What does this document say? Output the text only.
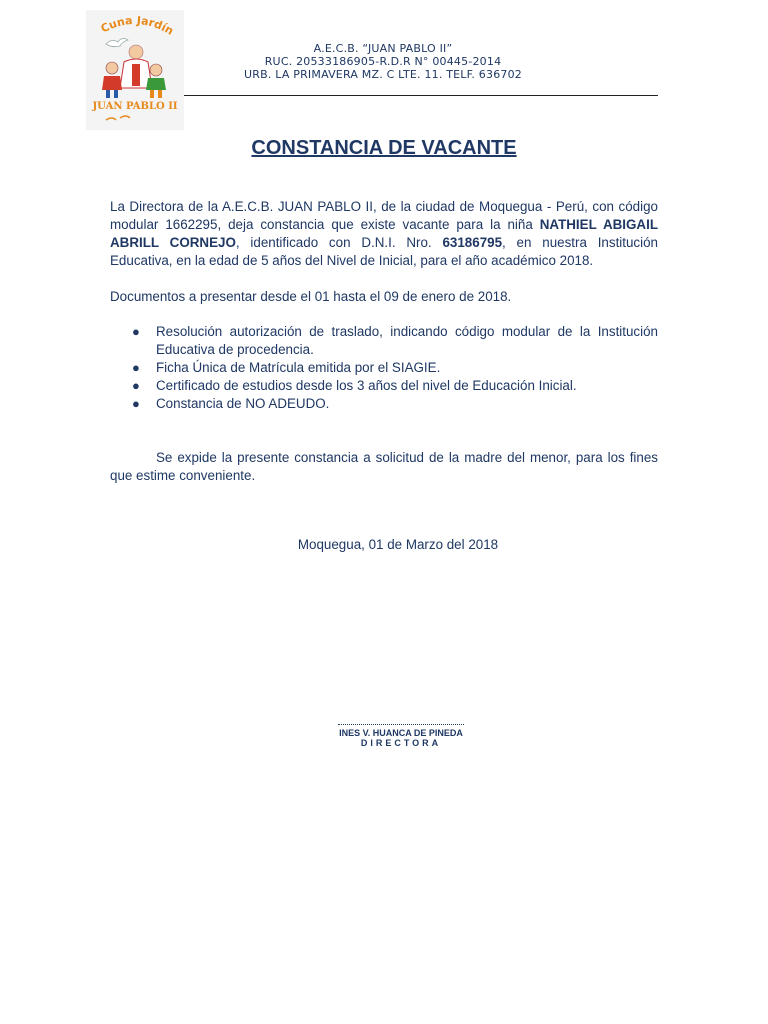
Cuna Jardín
JUAN PABLO II
A.E.C.B. “JUAN PABLO II”
RUC. 20533186905-R.D.R N° 00445-2014
URB. LA PRIMAVERA MZ. C LTE. 11. TELF. 636702
CONSTANCIA DE VACANTE

La Directora de la A.E.C.B. JUAN PABLO II, de la ciudad de Moquegua - Perú, con código modular 1662295, deja constancia que existe vacante para la niña NATHIEL ABIGAIL ABRILL CORNEJO, identificado con D.N.I. Nro. 63186795, en nuestra Institución Educativa, en la edad de 5 años del Nivel de Inicial, para el año académico 2018.

Documentos a presentar desde el 01 hasta el 09 de enero de 2018.

● Resolución autorización de traslado, indicando código modular de la Institución Educativa de procedencia.
● Ficha Única de Matrícula emitida por el SIAGIE.
● Certificado de estudios desde los 3 años del nivel de Educación Inicial.
● Constancia de NO ADEUDO.

Se expide la presente constancia a solicitud de la madre del menor, para los fines que estime conveniente.

Moquegua, 01 de Marzo del 2018
INES V. HUANCA DE PINEDA
DIRECTORA
